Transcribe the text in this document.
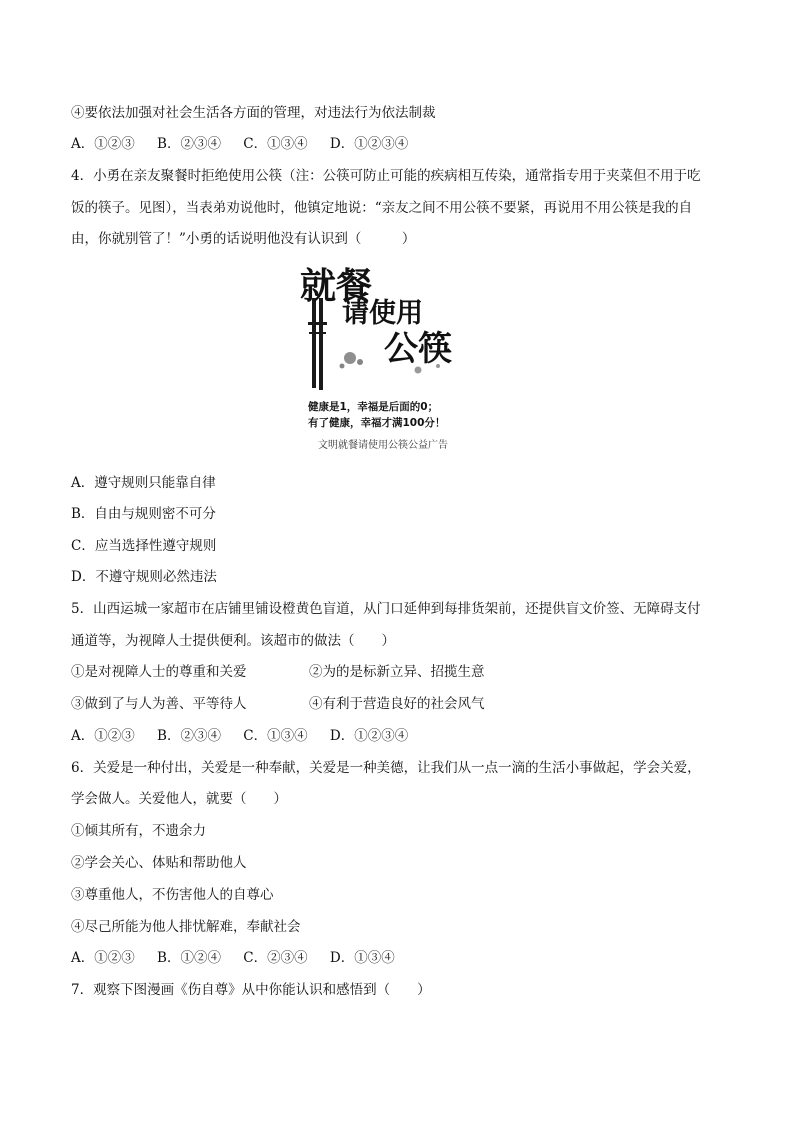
④要依法加强对社会生活各方面的管理，对违法行为依法制裁
A．①②③ B．②③④ C．①③④ D．①②③④
4．小勇在亲友聚餐时拒绝使用公筷（注：公筷可防止可能的疾病相互传染，通常指专用于夹菜但不用于吃
饭的筷子。见图），当表弟劝说他时，他镇定地说：“亲友之间不用公筷不要紧，再说用不用公筷是我的自
由，你就别管了！”小勇的话说明他没有认识到（　　　）
就餐
请使用
公筷
健康是1，幸福是后面的0；
有了健康，幸福才满100分！
文明就餐请使用公筷公益广告
A．遵守规则只能靠自律
B．自由与规则密不可分
C．应当选择性遵守规则
D．不遵守规则必然违法
5．山西运城一家超市在店铺里铺设橙黄色盲道，从门口延伸到每排货架前，还提供盲文价签、无障碍支付
通道等，为视障人士提供便利。该超市的做法（　　）
①是对视障人士的尊重和关爱	②为的是标新立异、招揽生意
③做到了与人为善、平等待人	④有利于营造良好的社会风气
A．①②③ B．②③④ C．①③④ D．①②③④
6．关爱是一种付出，关爱是一种奉献，关爱是一种美德，让我们从一点一滴的生活小事做起，学会关爱，
学会做人。关爱他人，就要（　　）
①倾其所有，不遗余力
②学会关心、体贴和帮助他人
③尊重他人，不伤害他人的自尊心
④尽己所能为他人排忧解难，奉献社会
A．①②③ B．①②④ C．②③④ D．①③④
7．观察下图漫画《伤自尊》从中你能认识和感悟到（　　）
